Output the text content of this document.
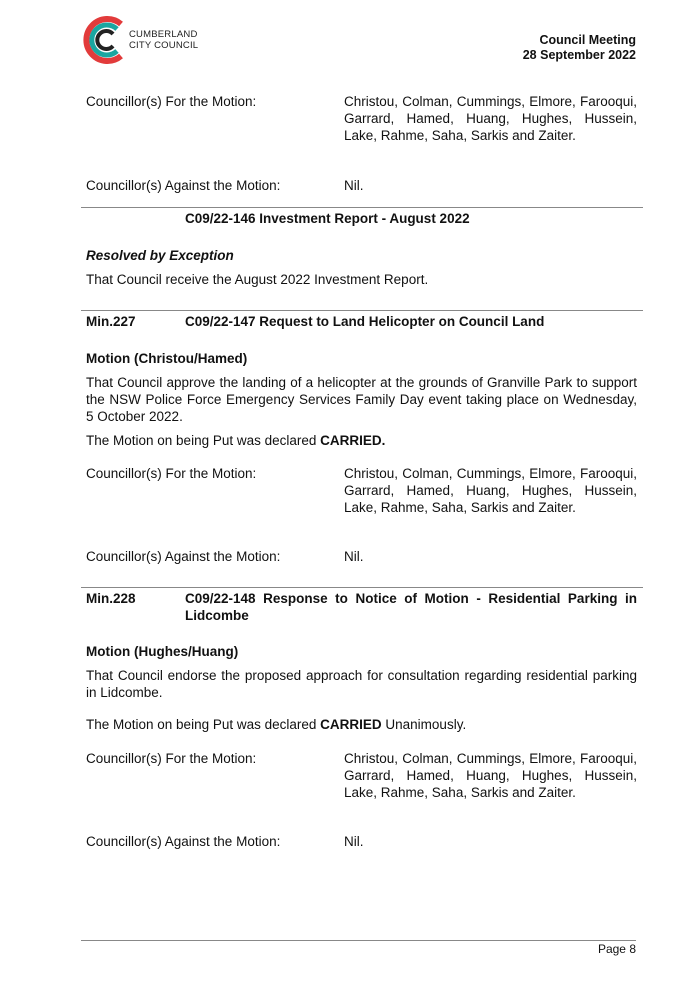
CUMBERLAND
CITY COUNCIL	Council Meeting
28 September 2022
Councillor(s) For the Motion:	Christou, Colman, Cummings, Elmore, Farooqui, Garrard, Hamed, Huang, Hughes, Hussein, Lake, Rahme, Saha, Sarkis and Zaiter.
Councillor(s) Against the Motion:	Nil.
C09/22-146 Investment Report - August 2022
Resolved by Exception
That Council receive the August 2022 Investment Report.
Min.227	C09/22-147 Request to Land Helicopter on Council Land
Motion (Christou/Hamed)
That Council approve the landing of a helicopter at the grounds of Granville Park to support the NSW Police Force Emergency Services Family Day event taking place on Wednesday, 5 October 2022.
The Motion on being Put was declared CARRIED.
Councillor(s) For the Motion:	Christou, Colman, Cummings, Elmore, Farooqui, Garrard, Hamed, Huang, Hughes, Hussein, Lake, Rahme, Saha, Sarkis and Zaiter.
Councillor(s) Against the Motion:	Nil.
Min.228	C09/22-148 Response to Notice of Motion - Residential Parking in Lidcombe
Motion (Hughes/Huang)
That Council endorse the proposed approach for consultation regarding residential parking in Lidcombe.
The Motion on being Put was declared CARRIED Unanimously.
Councillor(s) For the Motion:	Christou, Colman, Cummings, Elmore, Farooqui, Garrard, Hamed, Huang, Hughes, Hussein, Lake, Rahme, Saha, Sarkis and Zaiter.
Councillor(s) Against the Motion:	Nil.
Page 8
